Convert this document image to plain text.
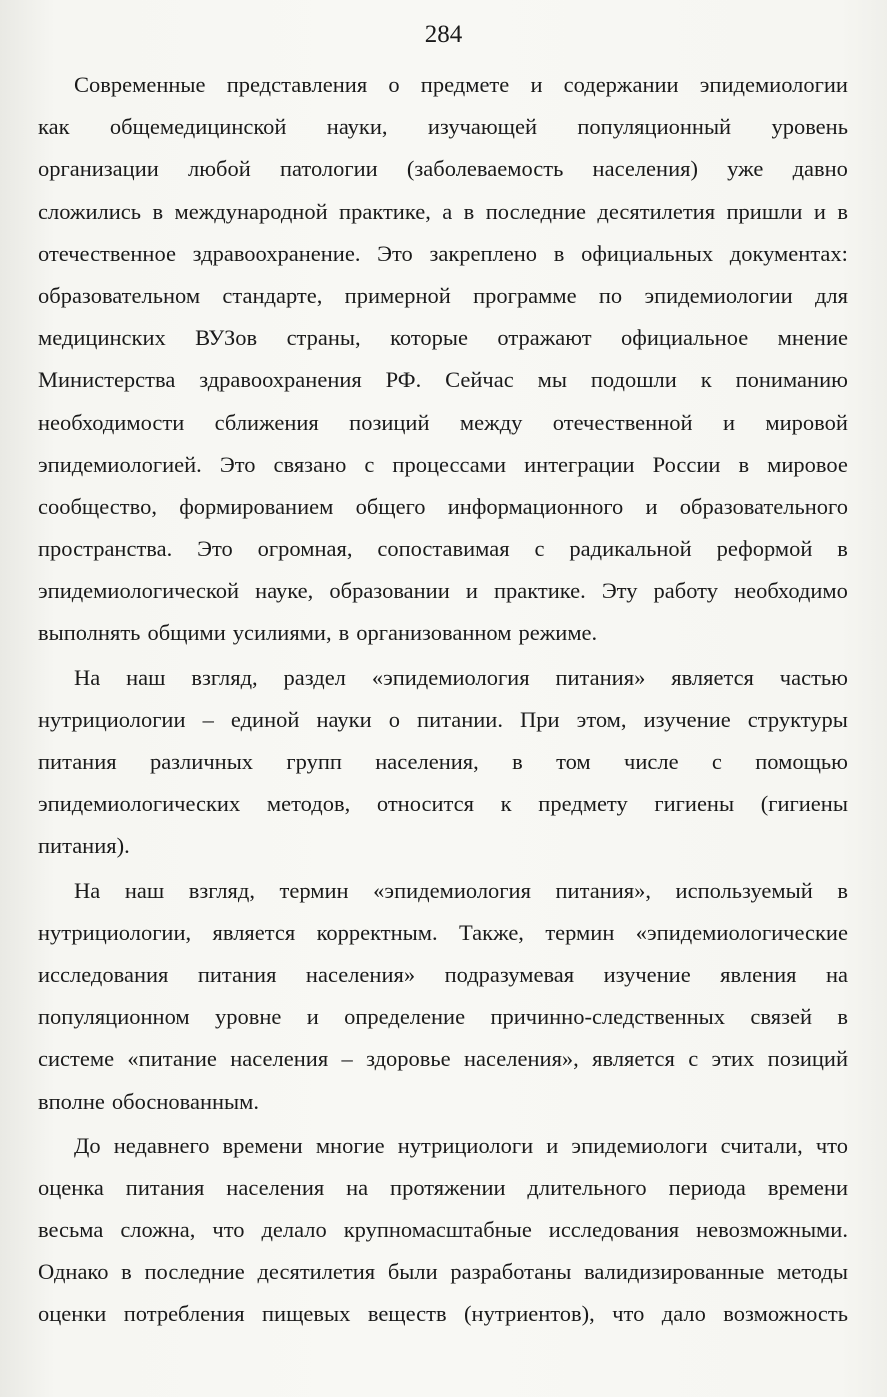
284
Современные представления о предмете и содержании эпидемиологии
как общемедицинской науки, изучающей популяционный уровень
организации любой патологии (заболеваемость населения) уже давно
сложились в международной практике, а в последние десятилетия пришли и в
отечественное здравоохранение. Это закреплено в официальных документах:
образовательном стандарте, примерной программе по эпидемиологии для
медицинских ВУЗов страны, которые отражают официальное мнение
Министерства здравоохранения РФ. Сейчас мы подошли к пониманию
необходимости сближения позиций между отечественной и мировой
эпидемиологией. Это связано с процессами интеграции России в мировое
сообщество, формированием общего информационного и образовательного
пространства. Это огромная, сопоставимая с радикальной реформой в
эпидемиологической науке, образовании и практике. Эту работу необходимо
выполнять общими усилиями, в организованном режиме.
На наш взгляд, раздел «эпидемиология питания» является частью
нутрициологии – единой науки о питании. При этом, изучение структуры
питания различных групп населения, в том числе с помощью
эпидемиологических методов, относится к предмету гигиены (гигиены
питания).
На наш взгляд, термин «эпидемиология питания», используемый в
нутрициологии, является корректным. Также, термин «эпидемиологические
исследования питания населения» подразумевая изучение явления на
популяционном уровне и определение причинно-следственных связей в
системе «питание населения – здоровье населения», является с этих позиций
вполне обоснованным.
До недавнего времени многие нутрициологи и эпидемиологи считали, что
оценка питания населения на протяжении длительного периода времени
весьма сложна, что делало крупномасштабные исследования невозможными.
Однако в последние десятилетия были разработаны валидизированные методы
оценки потребления пищевых веществ (нутриентов), что дало возможность
